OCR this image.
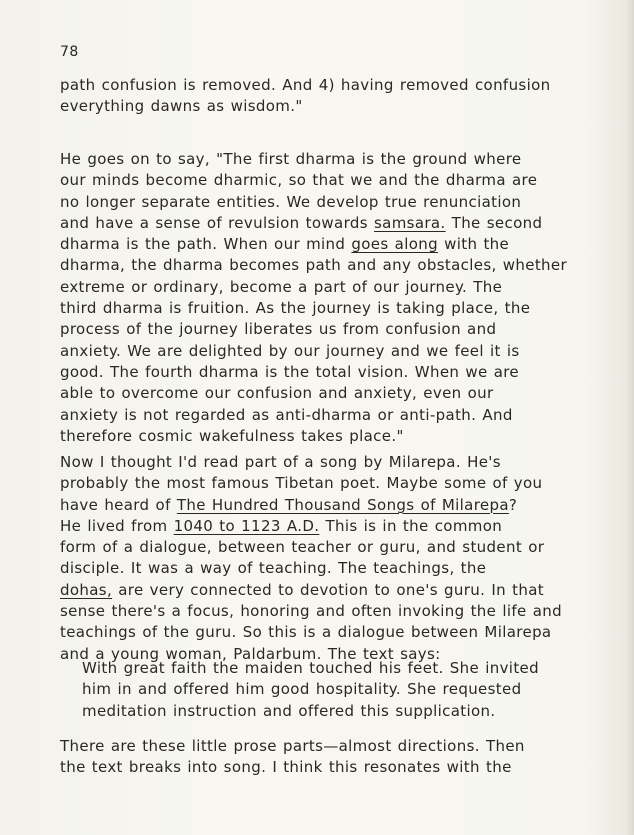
78
path confusion is removed. And 4) having removed confusion
everything dawns as wisdom."
He goes on to say, "The first dharma is the ground where
our minds become dharmic, so that we and the dharma are
no longer separate entities. We develop true renunciation
and have a sense of revulsion towards samsara. The second
dharma is the path. When our mind goes along with the
dharma, the dharma becomes path and any obstacles, whether
extreme or ordinary, become a part of our journey. The
third dharma is fruition. As the journey is taking place, the
process of the journey liberates us from confusion and
anxiety. We are delighted by our journey and we feel it is
good. The fourth dharma is the total vision. When we are
able to overcome our confusion and anxiety, even our
anxiety is not regarded as anti-dharma or anti-path. And
therefore cosmic wakefulness takes place."
Now I thought I'd read part of a song by Milarepa. He's
probably the most famous Tibetan poet. Maybe some of you
have heard of The Hundred Thousand Songs of Milarepa?
He lived from 1040 to 1123 A.D. This is in the common
form of a dialogue, between teacher or guru, and student or
disciple. It was a way of teaching. The teachings, the
dohas, are very connected to devotion to one's guru. In that
sense there's a focus, honoring and often invoking the life and
teachings of the guru. So this is a dialogue between Milarepa
and a young woman, Paldarbum. The text says:
With great faith the maiden touched his feet. She invited
him in and offered him good hospitality. She requested
meditation instruction and offered this supplication.
There are these little prose parts—almost directions. Then
the text breaks into song. I think this resonates with the
